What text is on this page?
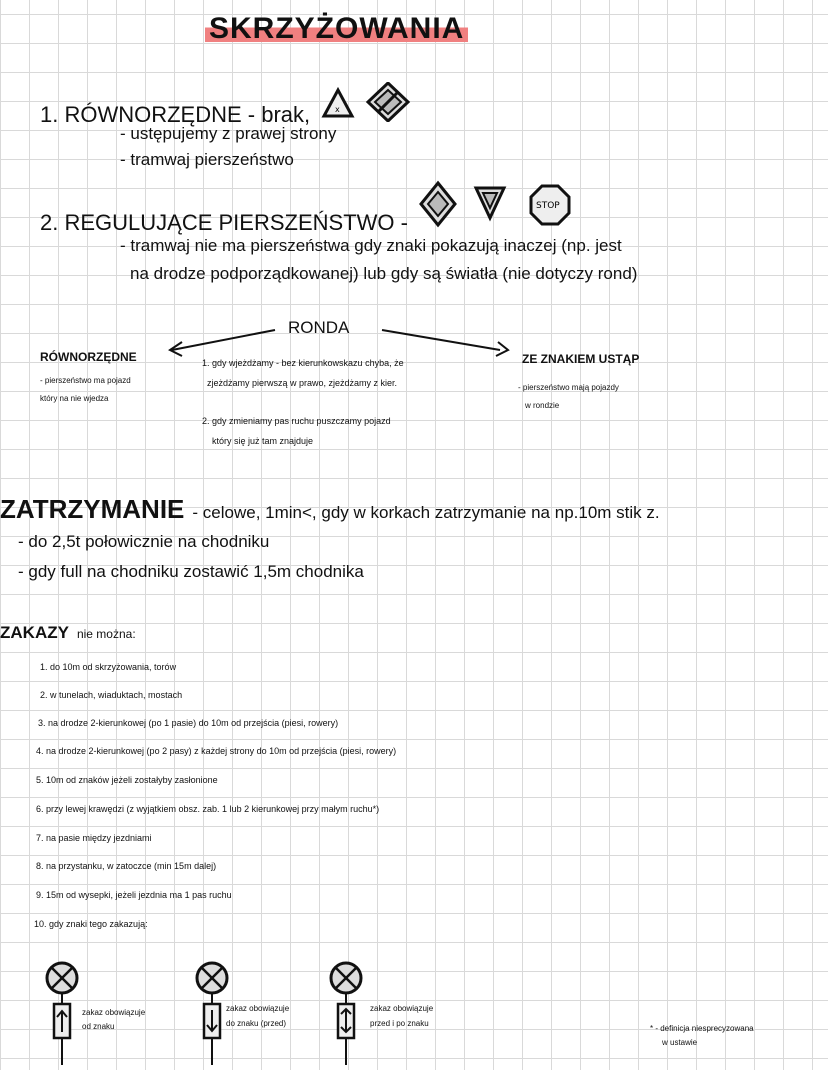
SKRZYŻOWANIA
1. RÓWNORZĘDNE - brak,	x
- ustępujemy z prawej strony
- tramwaj pierszeństwo
2. REGULUJĄCE PIERSZEŃSTWO -
STOP
- tramwaj nie ma pierszeństwa gdy znaki pokazują inaczej (np. jest
na drodze podporządkowanej) lub gdy są światła (nie dotyczy rond)
RONDA
RÓWNORZĘDNE
- pierszeństwo ma pojazd
który na nie wjedza
1. gdy wjeżdżamy - bez kierunkowskazu chyba, że
zjeżdżamy pierwszą w prawo, zjeżdżamy z kier.
2. gdy zmieniamy pas ruchu puszczamy pojazd
który się już tam znajduje
ZE ZNAKIEM USTĄP
- pierszeństwo mają pojazdy
w rondzie
ZATRZYMANIE - celowe, 1min<, gdy w korkach zatrzymanie na np.10m stik z.
- do 2,5t połowicznie na chodniku
- gdy full na chodniku zostawić 1,5m chodnika
ZAKAZY nie można:
1. do 10m od skrzyżowania, torów
2. w tunelach, wiaduktach, mostach
3. na drodze 2-kierunkowej (po 1 pasie) do 10m od przejścia (piesi, rowery)
4. na drodze 2-kierunkowej (po 2 pasy) z każdej strony do 10m od przejścia (piesi, rowery)
5. 10m od znaków jeżeli zostałyby zasłonione
6. przy lewej krawędzi (z wyjątkiem obsz. zab. 1 lub 2 kierunkowej przy małym ruchu*)
7. na pasie między jezdniami
8. na przystanku, w zatoczce (min 15m dalej)
9. 15m od wysepki, jeżeli jezdnia ma 1 pas ruchu
10. gdy znaki tego zakazują:
zakaz obowiązuje
od znaku
zakaz obowiązuje
do znaku (przed)
zakaz obowiązuje
przed i po znaku
* - definicja niesprecyzowana
w ustawie
